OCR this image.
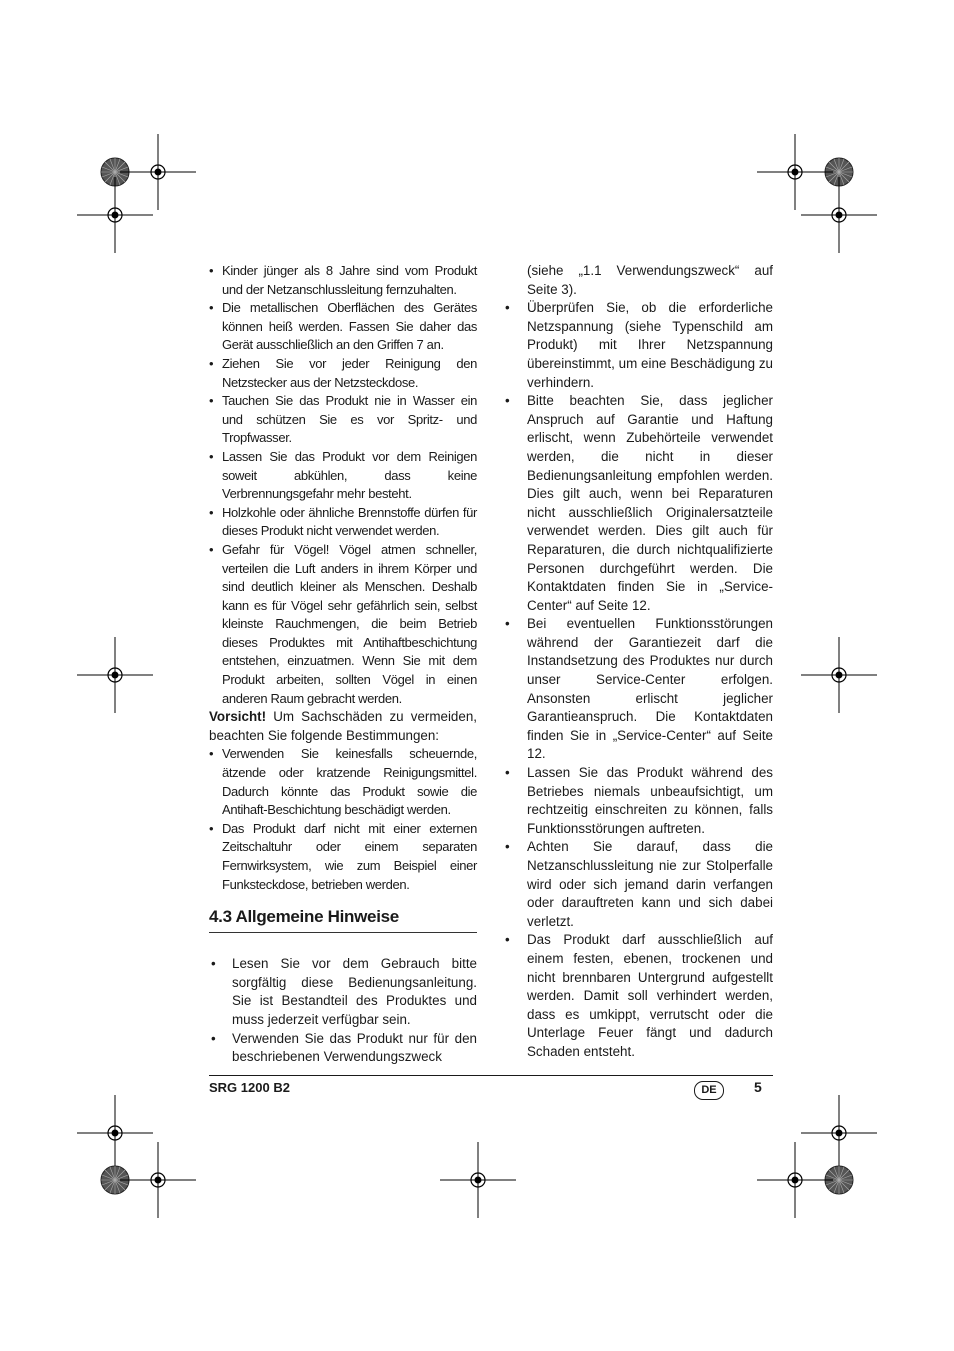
• Kinder jünger als 8 Jahre sind vom Produkt und der Netzanschlussleitung fernzuhalten.
• Die metallischen Oberflächen des Gerätes können heiß werden. Fassen Sie daher das Gerät ausschließlich an den Griffen 7 an.
• Ziehen Sie vor jeder Reinigung den Netzstecker aus der Netzsteckdose.
• Tauchen Sie das Produkt nie in Wasser ein und schützen Sie es vor Spritz- und Tropfwasser.
• Lassen Sie das Produkt vor dem Reinigen soweit abkühlen, dass keine Verbrennungsgefahr mehr besteht.
• Holzkohle oder ähnliche Brennstoffe dürfen für dieses Produkt nicht verwendet werden.
• Gefahr für Vögel! Vögel atmen schneller, verteilen die Luft anders in ihrem Körper und sind deutlich kleiner als Menschen. Deshalb kann es für Vögel sehr gefährlich sein, selbst kleinste Rauchmengen, die beim Betrieb dieses Produktes mit Antihaftbeschichtung entstehen, einzuatmen. Wenn Sie mit dem Produkt arbeiten, sollten Vögel in einen anderen Raum gebracht werden.

Vorsicht! Um Sachschäden zu vermeiden, beachten Sie folgende Bestimmungen:

• Verwenden Sie keinesfalls scheuernde, ätzende oder kratzende Reinigungsmittel. Dadurch könnte das Produkt sowie die Antihaft-Beschichtung beschädigt werden.
• Das Produkt darf nicht mit einer externen Zeitschaltuhr oder einem separaten Fernwirksystem, wie zum Beispiel einer Funksteckdose, betrieben werden.
4.3 Allgemeine Hinweise
• Lesen Sie vor dem Gebrauch bitte sorgfältig diese Bedienungsanleitung. Sie ist Bestandteil des Produktes und muss jederzeit verfügbar sein.
• Verwenden Sie das Produkt nur für den beschriebenen Verwendungszweck

(siehe „1.1 Verwendungszweck“ auf Seite 3).

• Überprüfen Sie, ob die erforderliche Netzspannung (siehe Typenschild am Produkt) mit Ihrer Netzspannung übereinstimmt, um eine Beschädigung zu verhindern.
• Bitte beachten Sie, dass jeglicher Anspruch auf Garantie und Haftung erlischt, wenn Zubehörteile verwendet werden, die nicht in dieser Bedienungsanleitung empfohlen werden. Dies gilt auch, wenn bei Reparaturen nicht ausschließlich Originalersatzteile verwendet werden. Dies gilt auch für Reparaturen, die durch nichtqualifizierte Personen durchgeführt werden. Die Kontaktdaten finden Sie in „Service-Center“ auf Seite 12.
• Bei eventuellen Funktionsstörungen während der Garantiezeit darf die Instandsetzung des Produktes nur durch unser Service-Center erfolgen. Ansonsten erlischt jeglicher Garantieanspruch. Die Kontaktdaten finden Sie in „Service-Center“ auf Seite 12.
• Lassen Sie das Produkt während des Betriebes niemals unbeaufsichtigt, um rechtzeitig einschreiten zu können, falls Funktionsstörungen auftreten.
• Achten Sie darauf, dass die Netzanschlussleitung nie zur Stolperfalle wird oder sich jemand darin verfangen oder darauftreten kann und sich dabei verletzt.
• Das Produkt darf ausschließlich auf einem festen, ebenen, trockenen und nicht brennbaren Untergrund aufgestellt werden. Damit soll verhindert werden, dass es umkippt, verrutscht oder die Unterlage Feuer fängt und dadurch Schaden entsteht.
SRG 1200 B2	DE	5
